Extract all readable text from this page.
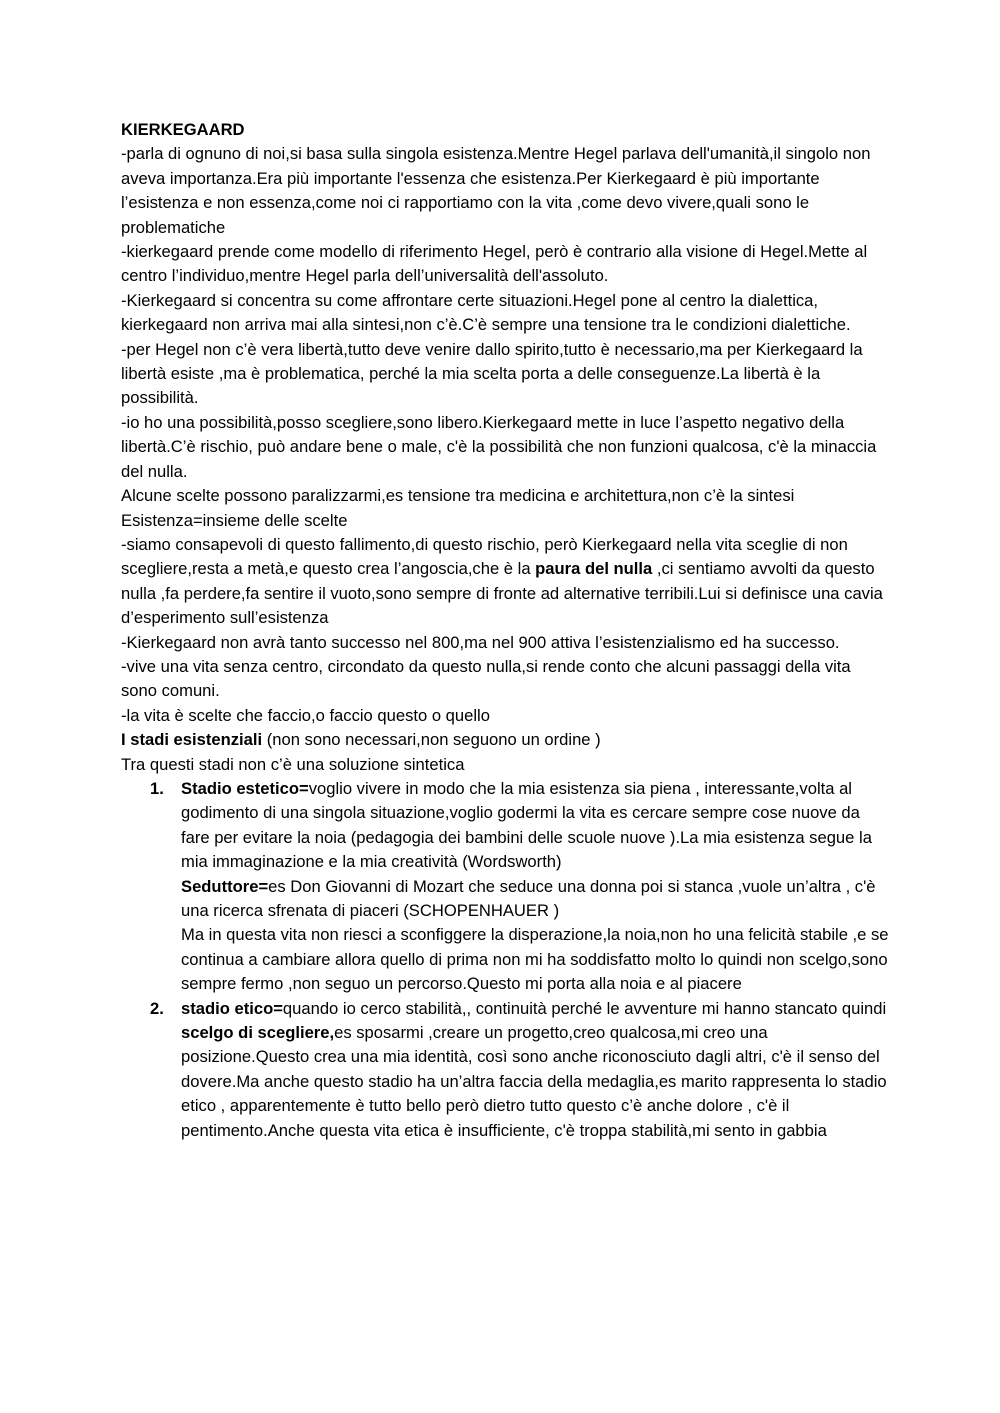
KIERKEGAARD

-parla di ognuno di noi,si basa sulla singola esistenza.Mentre Hegel parlava dell'umanità,il singolo non aveva importanza.Era più importante l'essenza che esistenza.Per Kierkegaard è più importante l’esistenza e non essenza,come noi ci rapportiamo con la vita ,come devo vivere,quali sono le problematiche

-kierkegaard prende come modello di riferimento Hegel, però è contrario alla visione di Hegel.Mette al centro l’individuo,mentre Hegel parla dell’universalità dell'assoluto.

-Kierkegaard si concentra su come affrontare certe situazioni.Hegel pone al centro la dialettica, kierkegaard non arriva mai alla sintesi,non c’è.C’è sempre una tensione tra le condizioni dialettiche.

-per Hegel non c’è vera libertà,tutto deve venire dallo spirito,tutto è necessario,ma per Kierkegaard la libertà esiste ,ma è problematica, perché la mia scelta porta a delle conseguenze.La libertà è la possibilità.

-io ho una possibilità,posso scegliere,sono libero.Kierkegaard mette in luce l’aspetto negativo della libertà.C’è rischio, può andare bene o male, c'è la possibilità che non funzioni qualcosa, c'è la minaccia del nulla.

Alcune scelte possono paralizzarmi,es tensione tra medicina e architettura,non c’è la sintesi

Esistenza=insieme delle scelte

-siamo consapevoli di questo fallimento,di questo rischio, però Kierkegaard nella vita sceglie di non scegliere,resta a metà,e questo crea l’angoscia,che è la paura del nulla ,ci sentiamo avvolti da questo nulla ,fa perdere,fa sentire il vuoto,sono sempre di fronte ad alternative terribili.Lui si definisce una cavia d’esperimento sull’esistenza

-Kierkegaard non avrà tanto successo nel 800,ma nel 900 attiva l’esistenzialismo ed ha successo.

-vive una vita senza centro, circondato da questo nulla,si rende conto che alcuni passaggi della vita sono comuni.

-la vita è scelte che faccio,o faccio questo o quello

I stadi esistenziali (non sono necessari,non seguono un ordine )

Tra questi stadi non c’è una soluzione sintetica

1. Stadio estetico=voglio vivere in modo che la mia esistenza sia piena , interessante,volta al godimento di una singola situazione,voglio godermi la vita es cercare sempre cose nuove da fare per evitare la noia (pedagogia dei bambini delle scuole nuove ).La mia esistenza segue la mia immaginazione e la mia creatività (Wordsworth)

Seduttore=es Don Giovanni di Mozart che seduce una donna poi si stanca ,vuole un’altra , c'è una ricerca sfrenata di piaceri (SCHOPENHAUER )

Ma in questa vita non riesci a sconfiggere la disperazione,la noia,non ho una felicità stabile ,e se continua a cambiare allora quello di prima non mi ha soddisfatto molto lo quindi non scelgo,sono sempre fermo ,non seguo un percorso.Questo mi porta alla noia e al piacere

2. stadio etico=quando io cerco stabilità,, continuità perché le avventure mi hanno stancato quindi scelgo di scegliere,es sposarmi ,creare un progetto,creo qualcosa,mi creo una posizione.Questo crea una mia identità, così sono anche riconosciuto dagli altri, c'è il senso del dovere.Ma anche questo stadio ha un’altra faccia della medaglia,es marito rappresenta lo stadio etico , apparentemente è tutto bello però dietro tutto questo c’è anche dolore , c'è il pentimento.Anche questa vita etica è insufficiente, c'è troppa stabilità,mi sento in gabbia
